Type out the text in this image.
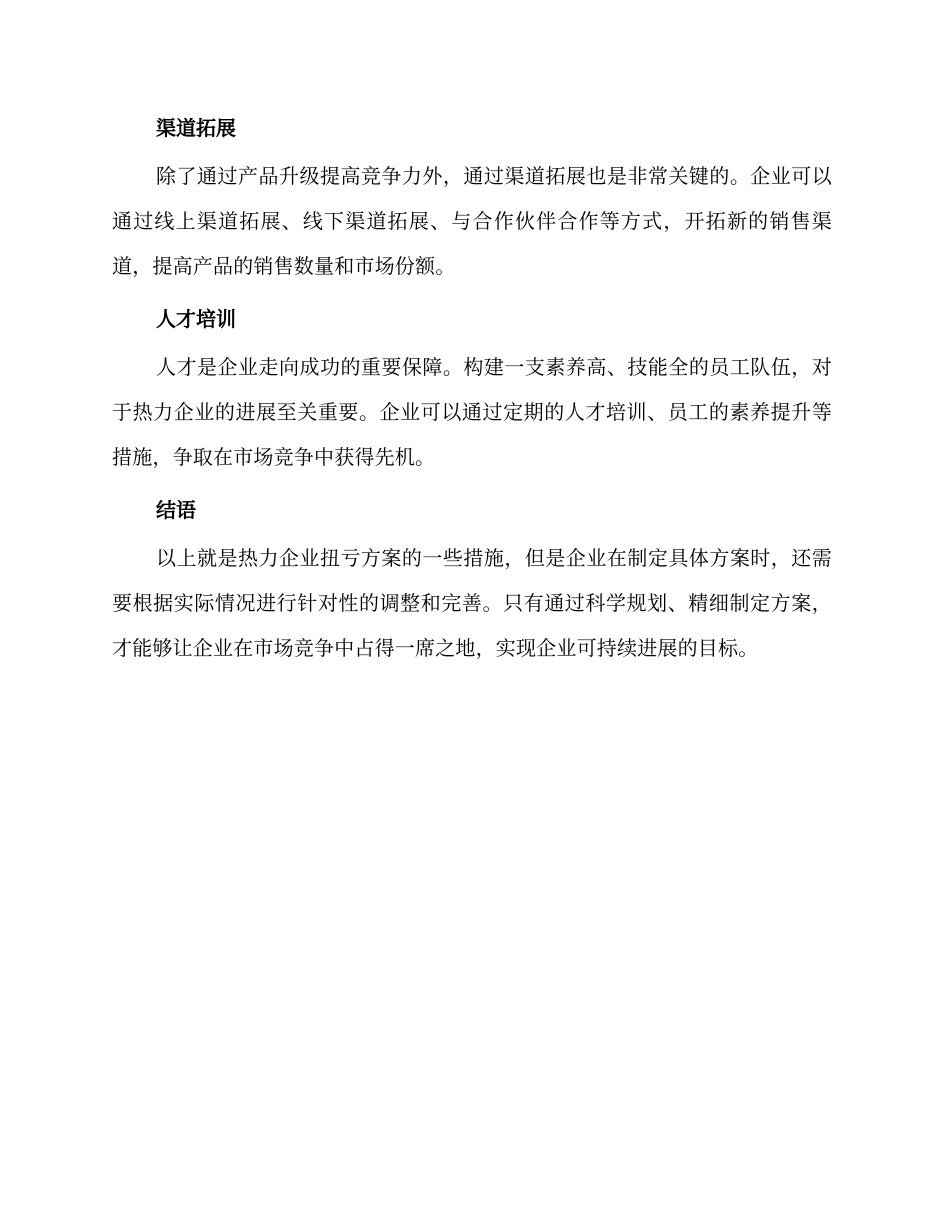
渠道拓展

除了通过产品升级提高竞争力外，通过渠道拓展也是非常关键的。企业可以通过线上渠道拓展、线下渠道拓展、与合作伙伴合作等方式，开拓新的销售渠道，提高产品的销售数量和市场份额。

人才培训

人才是企业走向成功的重要保障。构建一支素养高、技能全的员工队伍，对于热力企业的进展至关重要。企业可以通过定期的人才培训、员工的素养提升等措施，争取在市场竞争中获得先机。

结语

以上就是热力企业扭亏方案的一些措施，但是企业在制定具体方案时，还需要根据实际情况进行针对性的调整和完善。只有通过科学规划、精细制定方案，才能够让企业在市场竞争中占得一席之地，实现企业可持续进展的目标。
